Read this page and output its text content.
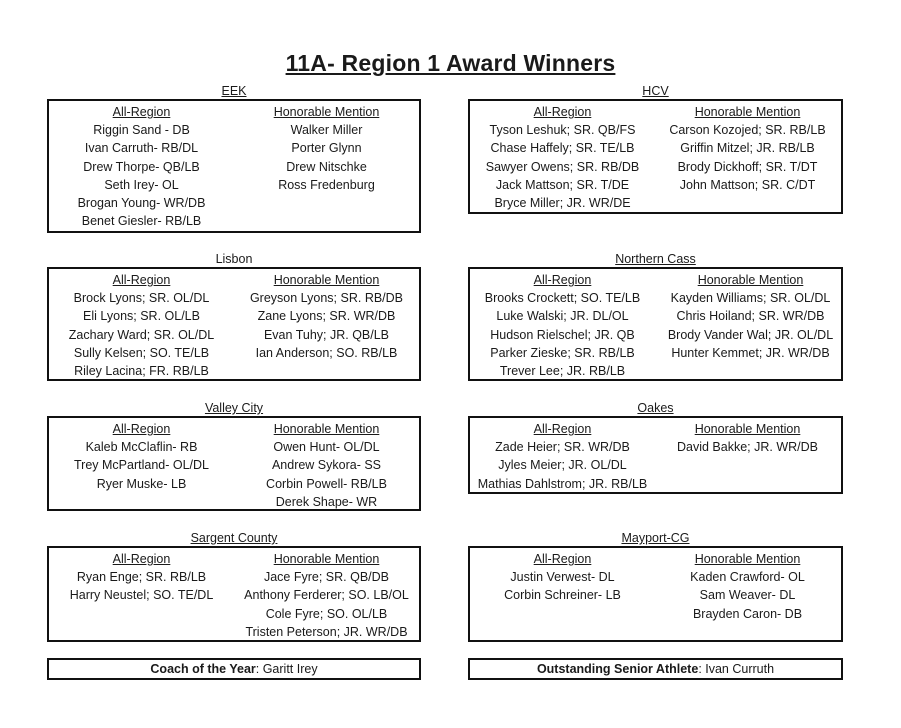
11A- Region 1 Award Winners
EEK
All-Region
Riggin Sand - DB
Ivan Carruth- RB/DL
Drew Thorpe- QB/LB
Seth Irey- OL
Brogan Young- WR/DB
Benet Giesler- RB/LB
Honorable Mention
Walker Miller
Porter Glynn
Drew Nitschke
Ross Fredenburg
HCV
All-Region
Tyson Leshuk; SR. QB/FS
Chase Haffely; SR. TE/LB
Sawyer Owens; SR. RB/DB
Jack Mattson; SR. T/DE
Bryce Miller; JR. WR/DE
Honorable Mention
Carson Kozojed; SR. RB/LB
Griffin Mitzel; JR. RB/LB
Brody Dickhoff; SR. T/DT
John Mattson; SR. C/DT
Lisbon
All-Region
Brock Lyons; SR. OL/DL
Eli Lyons; SR. OL/LB
Zachary Ward; SR. OL/DL
Sully Kelsen; SO. TE/LB
Riley Lacina; FR. RB/LB
Honorable Mention
Greyson Lyons; SR. RB/DB
Zane Lyons; SR. WR/DB
Evan Tuhy; JR. QB/LB
Ian Anderson; SO. RB/LB
Northern Cass
All-Region
Brooks Crockett; SO. TE/LB
Luke Walski; JR. DL/OL
Hudson Rielschel; JR. QB
Parker Zieske; SR. RB/LB
Trever Lee; JR. RB/LB
Honorable Mention
Kayden Williams; SR. OL/DL
Chris Hoiland; SR. WR/DB
Brody Vander Wal; JR. OL/DL
Hunter Kemmet; JR. WR/DB
Valley City
All-Region
Kaleb McClaflin- RB
Trey McPartland- OL/DL
Ryer Muske- LB
Honorable Mention
Owen Hunt- OL/DL
Andrew Sykora- SS
Corbin Powell- RB/LB
Derek Shape- WR
Oakes
All-Region
Zade Heier; SR. WR/DB
Jyles Meier; JR. OL/DL
Mathias Dahlstrom; JR. RB/LB
Honorable Mention
David Bakke; JR. WR/DB
Sargent County
All-Region
Ryan Enge; SR. RB/LB
Harry Neustel; SO. TE/DL
Honorable Mention
Jace Fyre; SR. QB/DB
Anthony Ferderer; SO. LB/OL
Cole Fyre; SO. OL/LB
Tristen Peterson; JR. WR/DB
Mayport-CG
All-Region
Justin Verwest- DL
Corbin Schreiner- LB
Honorable Mention
Kaden Crawford- OL
Sam Weaver- DL
Brayden Caron- DB
Coach of the Year: Garitt Irey	Outstanding Senior Athlete: Ivan Curruth
